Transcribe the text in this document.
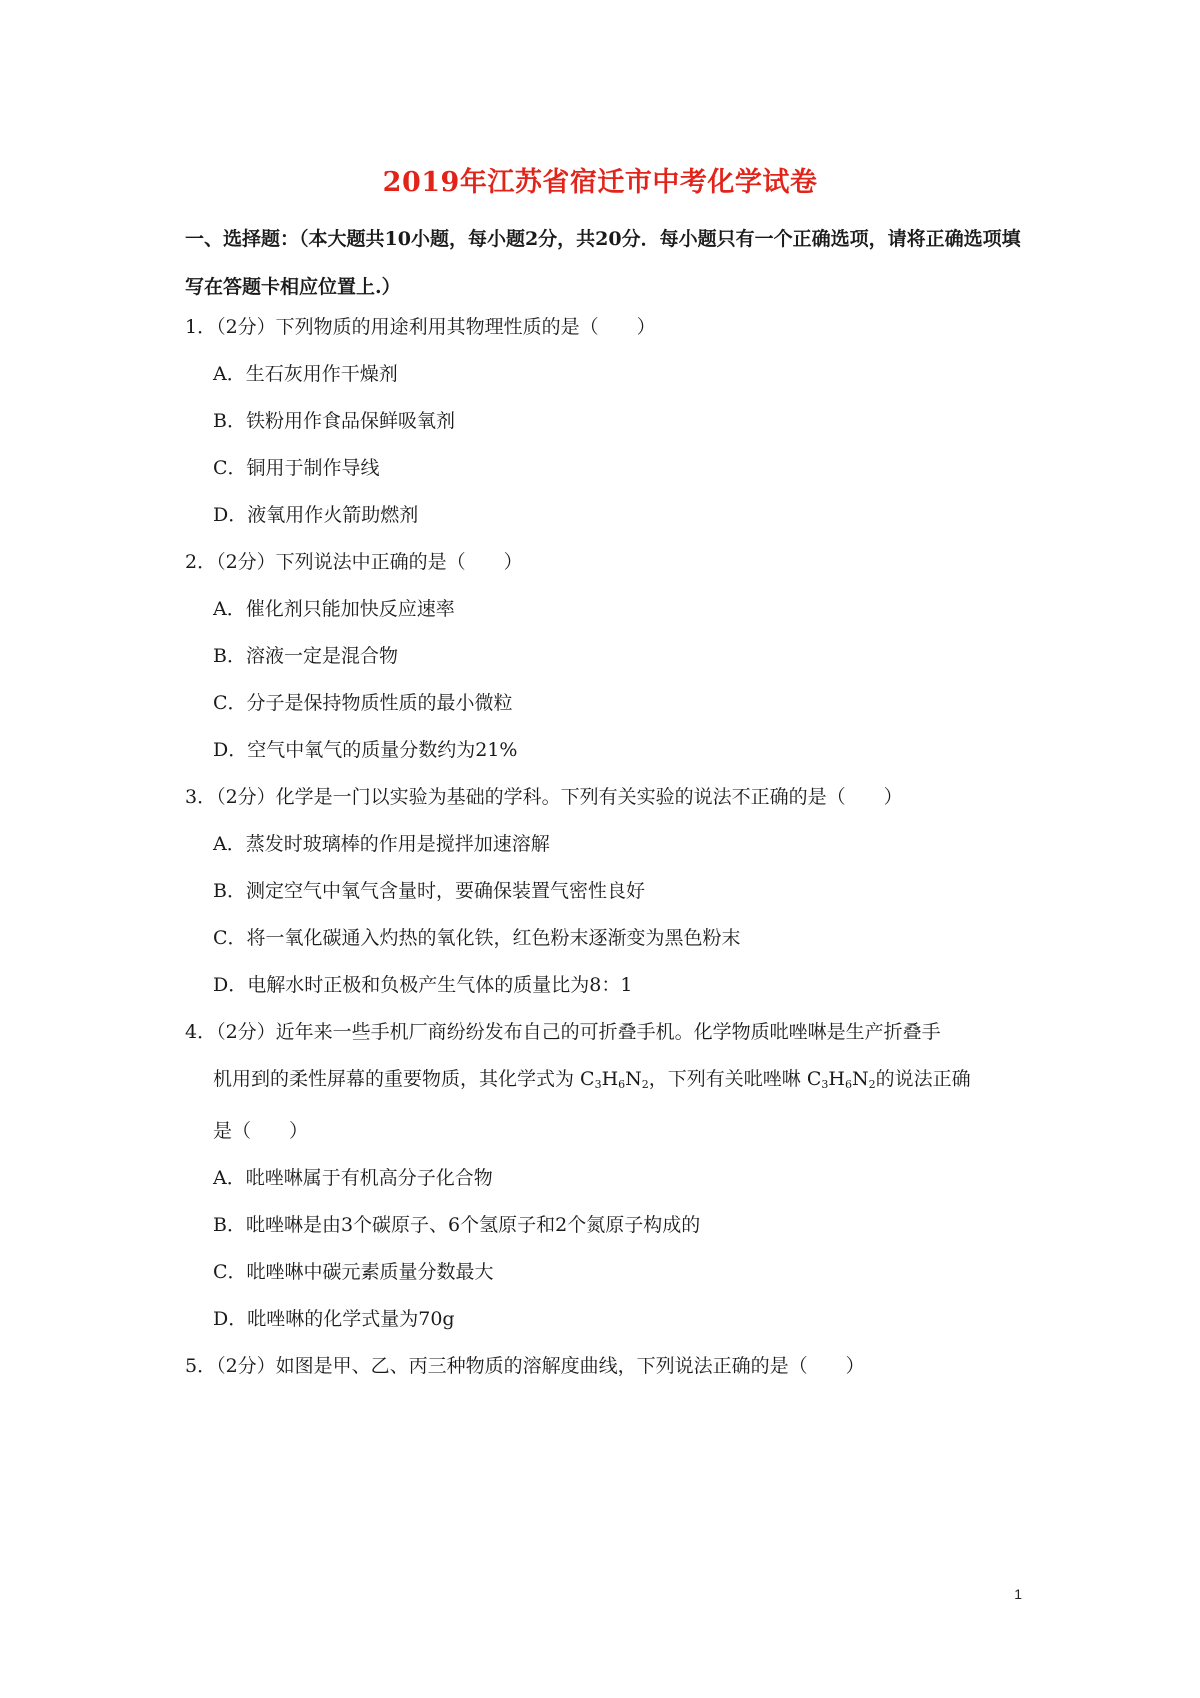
2019年江苏省宿迁市中考化学试卷
一、选择题：（本大题共10小题，每小题2分，共20分．每小题只有一个正确选项，请将正确选项填写在答题卡相应位置上.）
1．（2分）下列物质的用途利用其物理性质的是（　　）
A．生石灰用作干燥剂
B．铁粉用作食品保鲜吸氧剂
C．铜用于制作导线
D．液氧用作火箭助燃剂
2．（2分）下列说法中正确的是（　　）
A．催化剂只能加快反应速率
B．溶液一定是混合物
C．分子是保持物质性质的最小微粒
D．空气中氧气的质量分数约为21%
3．（2分）化学是一门以实验为基础的学科。下列有关实验的说法不正确的是（　　）
A．蒸发时玻璃棒的作用是搅拌加速溶解
B．测定空气中氧气含量时，要确保装置气密性良好
C．将一氧化碳通入灼热的氧化铁，红色粉末逐渐变为黑色粉末
D．电解水时正极和负极产生气体的质量比为8：1
4．（2分）近年来一些手机厂商纷纷发布自己的可折叠手机。化学物质吡唑啉是生产折叠手
机用到的柔性屏幕的重要物质，其化学式为 $C_3H_6N_2$，下列有关吡唑啉 $C_3H_6N_2$的说法正确
是（　　）
A．吡唑啉属于有机高分子化合物
B．吡唑啉是由3个碳原子、6个氢原子和2个氮原子构成的
C．吡唑啉中碳元素质量分数最大
D．吡唑啉的化学式量为70g
5．（2分）如图是甲、乙、丙三种物质的溶解度曲线，下列说法正确的是（　　）
1
